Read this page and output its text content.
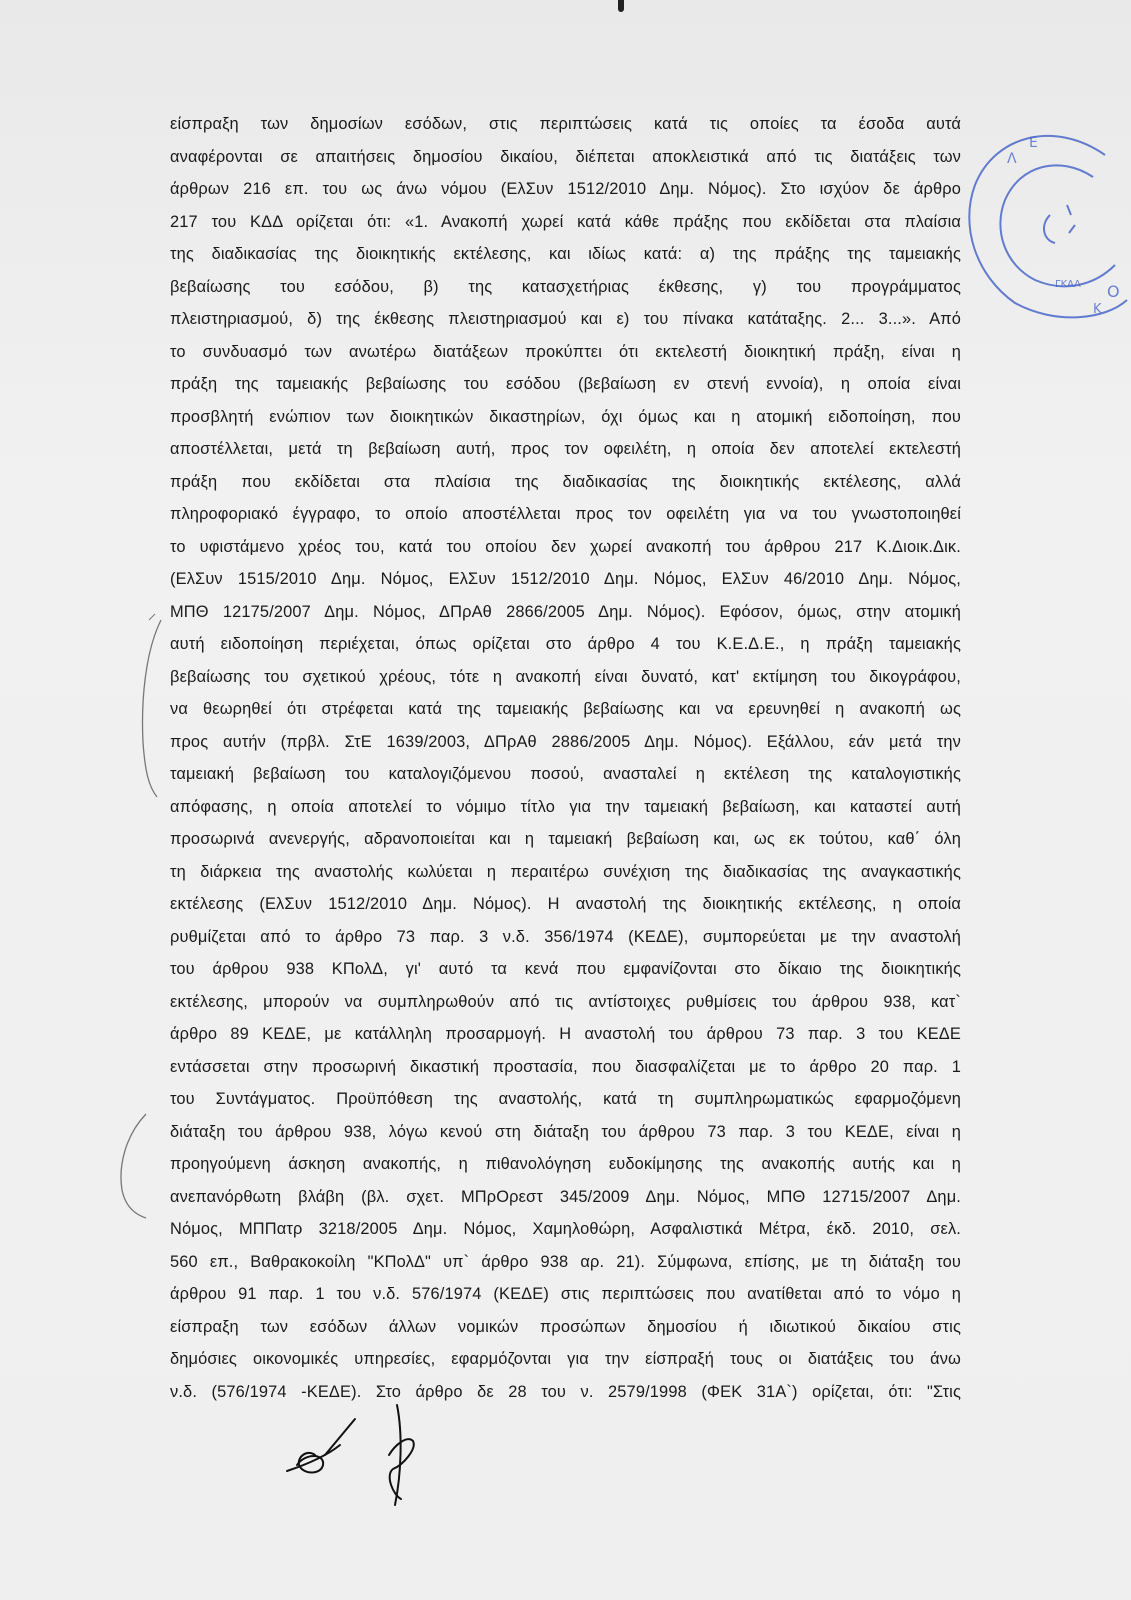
είσπραξη των δημοσίων εσόδων, στις περιπτώσεις κατά τις οποίες τα έσοδα αυτά
αναφέρονται σε απαιτήσεις δημοσίου δικαίου, διέπεται αποκλειστικά από τις διατάξεις των
άρθρων 216 επ. του ως άνω νόμου (ΕλΣυν 1512/2010 Δημ. Νόμος). Στο ισχύον δε άρθρο
217 του ΚΔΔ ορίζεται ότι: «1. Ανακοπή χωρεί κατά κάθε πράξης που εκδίδεται στα πλαίσια
της διαδικασίας της διοικητικής εκτέλεσης, και ιδίως κατά: α) της πράξης της ταμειακής
βεβαίωσης του εσόδου, β) της κατασχετήριας έκθεσης, γ) του προγράμματος
πλειστηριασμού, δ) της έκθεσης πλειστηριασμού και ε) του πίνακα κατάταξης. 2... 3...». Από
το συνδυασμό των ανωτέρω διατάξεων προκύπτει ότι εκτελεστή διοικητική πράξη, είναι η
πράξη της ταμειακής βεβαίωσης του εσόδου (βεβαίωση εν στενή εννοία), η οποία είναι
προσβλητή ενώπιον των διοικητικών δικαστηρίων, όχι όμως και η ατομική ειδοποίηση, που
αποστέλλεται, μετά τη βεβαίωση αυτή, προς τον οφειλέτη, η οποία δεν αποτελεί εκτελεστή
πράξη που εκδίδεται στα πλαίσια της διαδικασίας της διοικητικής εκτέλεσης, αλλά
πληροφοριακό έγγραφο, το οποίο αποστέλλεται προς τον οφειλέτη για να του γνωστοποιηθεί
το υφιστάμενο χρέος του, κατά του οποίου δεν χωρεί ανακοπή του άρθρου 217 Κ.Διοικ.Δικ.
(ΕλΣυν 1515/2010 Δημ. Νόμος, ΕλΣυν 1512/2010 Δημ. Νόμος, ΕλΣυν 46/2010 Δημ. Νόμος,
ΜΠΘ 12175/2007 Δημ. Νόμος, ΔΠρΑθ 2866/2005 Δημ. Νόμος). Εφόσον, όμως, στην ατομική
αυτή ειδοποίηση περιέχεται, όπως ορίζεται στο άρθρο 4 του Κ.Ε.Δ.Ε., η πράξη ταμειακής
βεβαίωσης του σχετικού χρέους, τότε η ανακοπή είναι δυνατό, κατ' εκτίμηση του δικογράφου,
να θεωρηθεί ότι στρέφεται κατά της ταμειακής βεβαίωσης και να ερευνηθεί η ανακοπή ως
προς αυτήν (πρβλ. ΣτΕ 1639/2003, ΔΠρΑθ 2886/2005 Δημ. Νόμος). Εξάλλου, εάν μετά την
ταμειακή βεβαίωση του καταλογιζόμενου ποσού, ανασταλεί η εκτέλεση της καταλογιστικής
απόφασης, η οποία αποτελεί το νόμιμο τίτλο για την ταμειακή βεβαίωση, και καταστεί αυτή
προσωρινά ανενεργής, αδρανοποιείται και η ταμειακή βεβαίωση και, ως εκ τούτου, καθ΄ όλη
τη διάρκεια της αναστολής κωλύεται η περαιτέρω συνέχιση της διαδικασίας της αναγκαστικής
εκτέλεσης (ΕλΣυν 1512/2010 Δημ. Νόμος). Η αναστολή της διοικητικής εκτέλεσης, η οποία
ρυθμίζεται από το άρθρο 73 παρ. 3 ν.δ. 356/1974 (ΚΕΔΕ), συμπορεύεται με την αναστολή
του άρθρου 938 ΚΠολΔ, γι' αυτό τα κενά που εμφανίζονται στο δίκαιο της διοικητικής
εκτέλεσης, μπορούν να συμπληρωθούν από τις αντίστοιχες ρυθμίσεις του άρθρου 938, κατ`
άρθρο 89 ΚΕΔΕ, με κατάλληλη προσαρμογή. Η αναστολή του άρθρου 73 παρ. 3 του ΚΕΔΕ
εντάσσεται στην προσωρινή δικαστική προστασία, που διασφαλίζεται με το άρθρο 20 παρ. 1
του Συντάγματος. Προϋπόθεση της αναστολής, κατά τη συμπληρωματικώς εφαρμοζόμενη
διάταξη του άρθρου 938, λόγω κενού στη διάταξη του άρθρου 73 παρ. 3 του ΚΕΔΕ, είναι η
προηγούμενη άσκηση ανακοπής, η πιθανολόγηση ευδοκίμησης της ανακοπής αυτής και η
ανεπανόρθωτη βλάβη (βλ. σχετ. ΜΠρΟρεστ 345/2009 Δημ. Νόμος, ΜΠΘ 12715/2007 Δημ.
Νόμος, ΜΠΠατρ 3218/2005 Δημ. Νόμος, Χαμηλοθώρη, Ασφαλιστικά Μέτρα, έκδ. 2010, σελ.
560 επ., Βαθρακοκοίλη "ΚΠολΔ" υπ` άρθρο 938 αρ. 21). Σύμφωνα, επίσης, με τη διάταξη του
άρθρου 91 παρ. 1 του ν.δ. 576/1974 (ΚΕΔΕ) στις περιπτώσεις που ανατίθεται από το νόμο η
είσπραξη των εσόδων άλλων νομικών προσώπων δημοσίου ή ιδιωτικού δικαίου στις
δημόσιες οικονομικές υπηρεσίες, εφαρμόζονται για την είσπραξή τους οι διατάξεις του άνω
ν.δ. (576/1974 -ΚΕΔΕ). Στο άρθρο δε 28 του ν. 2579/1998 (ΦΕΚ 31Α`) ορίζεται, ότι: "Στις
Λ
Ε
Ο
Κ
ΓΚΑΛ
